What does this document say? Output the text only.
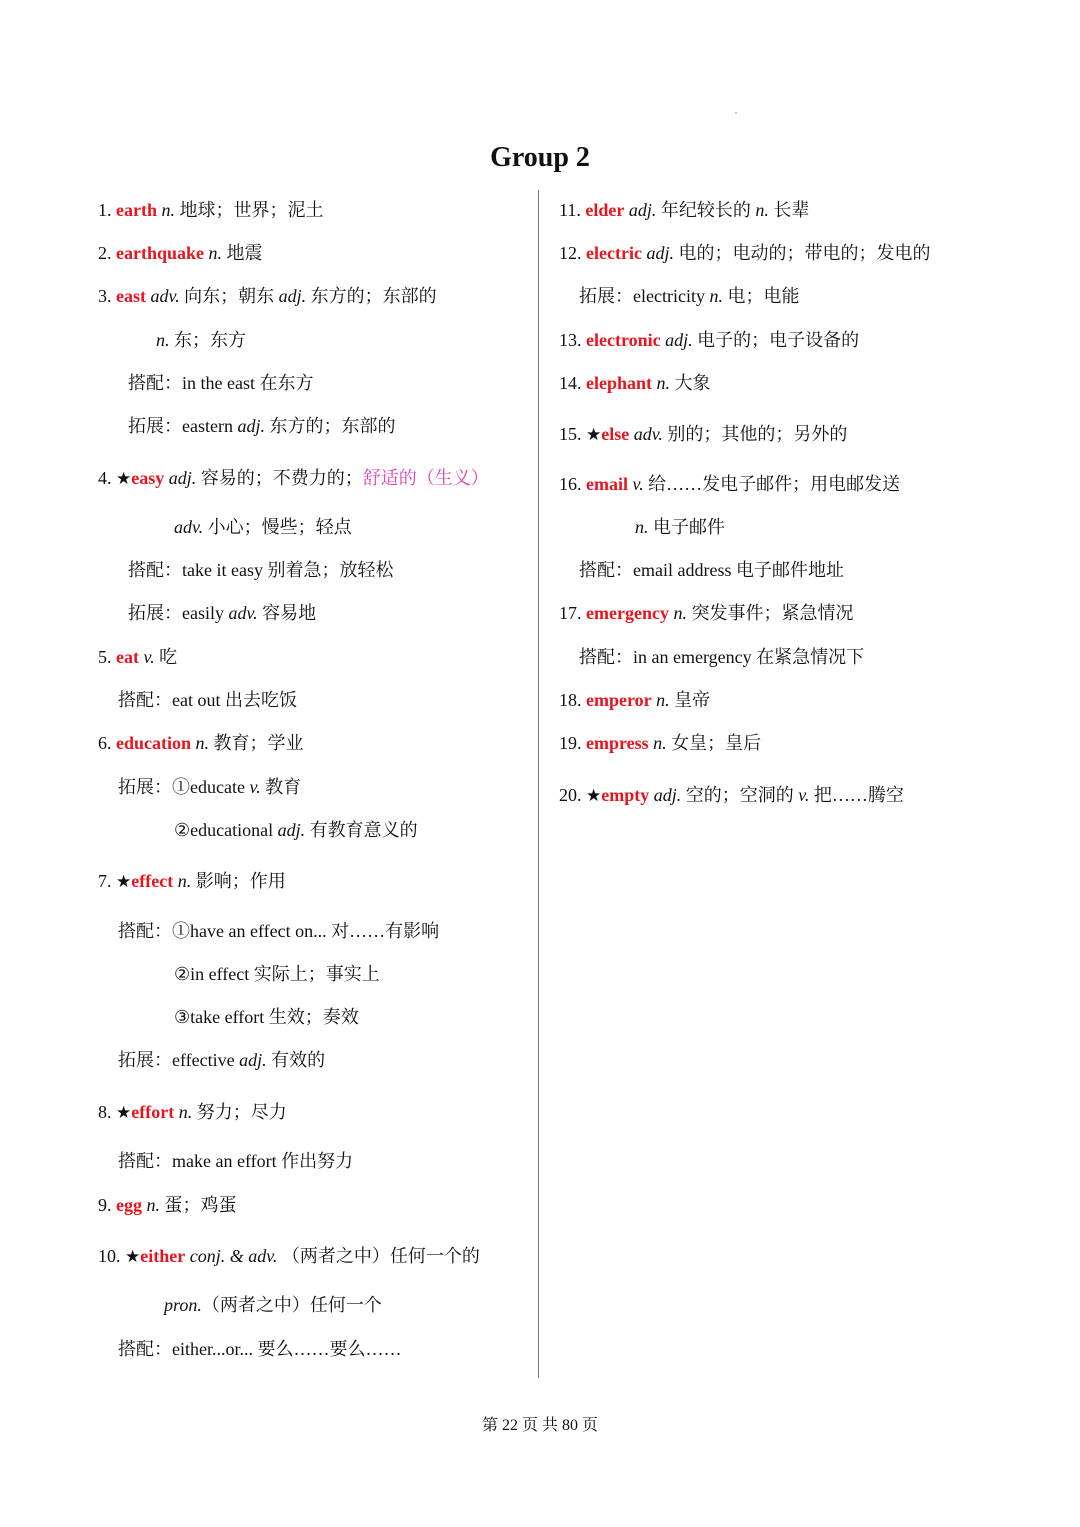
Group 2
1. earth n. 地球；世界；泥土
2. earthquake n. 地震
3. east adv. 向东；朝东 adj. 东方的；东部的
n. 东；东方
搭配：in the east 在东方
拓展：eastern adj. 东方的；东部的
4. ★easy adj. 容易的；不费力的；舒适的（生义）
adv. 小心；慢些；轻点
搭配：take it easy 别着急；放轻松
拓展：easily adv. 容易地
5. eat v. 吃
搭配：eat out 出去吃饭
6. education n. 教育；学业
拓展：①educate v. 教育
②educational adj. 有教育意义的
7. ★effect n. 影响；作用
搭配：①have an effect on... 对……有影响
②in effect 实际上；事实上
③take effort 生效；奏效
拓展：effective adj. 有效的
8. ★effort n. 努力；尽力
搭配：make an effort 作出努力
9. egg n. 蛋；鸡蛋
10. ★either conj. & adv. （两者之中）任何一个的
pron.（两者之中）任何一个
搭配：either...or... 要么……要么……
11. elder adj. 年纪较长的 n. 长辈
12. electric adj. 电的；电动的；带电的；发电的
拓展：electricity n. 电；电能
13. electronic adj. 电子的；电子设备的
14. elephant n. 大象
15. ★else adv. 别的；其他的；另外的
16. email v. 给……发电子邮件；用电邮发送
n. 电子邮件
搭配：email address 电子邮件地址
17. emergency n. 突发事件；紧急情况
搭配：in an emergency 在紧急情况下
18. emperor n. 皇帝
19. empress n. 女皇；皇后
20. ★empty adj. 空的；空洞的 v. 把……腾空
第 22 页 共 80 页
